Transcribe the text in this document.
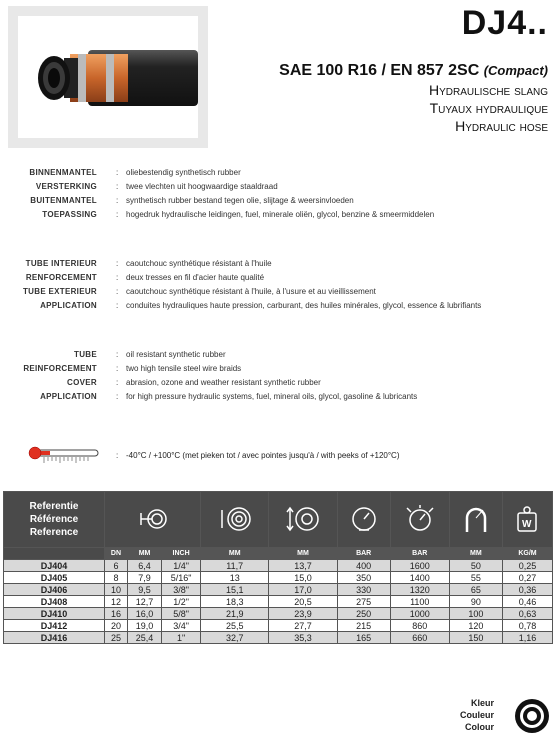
DJ4..
SAE 100 R16 / EN 857 2SC (Compact)
Hydraulische slang
Tuyaux hydraulique
Hydraulic hose
BINNENMANTEL : oliebestendig synthetisch rubber
VERSTERKING : twee vlechten uit hoogwaardige staaldraad
BUITENMANTEL : synthetisch rubber bestand tegen olie, slijtage & weersinvloeden
TOEPASSING : hogedruk hydraulische leidingen, fuel, minerale oliën, glycol, benzine & smeermiddelen
TUBE INTERIEUR : caoutchouc synthétique résistant à l'huile
RENFORCEMENT : deux tresses en fil d'acier haute qualité
TUBE EXTERIEUR : caoutchouc synthétique résistant à l'huile, à l'usure et au vieillissement
APPLICATION : conduites hydrauliques haute pression, carburant, des huiles minérales, glycol, essence & lubrifiants
TUBE : oil resistant synthetic rubber
REINFORCEMENT : two high tensile steel wire braids
COVER : abrasion, ozone and weather resistant synthetic rubber
APPLICATION : for high pressure hydraulic systems, fuel, mineral oils, glycol, gasoline & lubricants
: -40°C / +100°C (met pieken tot / avec pointes jusqu'à / with peeks of +120°C)
Referentie
Référence
Reference									W

	DN	MM	INCH	MM	MM	BAR	BAR	MM	KG/M
DJ404	6	6,4	1/4"	11,7	13,7	400	1600	50	0,25
DJ405	8	7,9	5/16"	13	15,0	350	1400	55	0,27
DJ406	10	9,5	3/8"	15,1	17,0	330	1320	65	0,36
DJ408	12	12,7	1/2"	18,3	20,5	275	1100	90	0,46
DJ410	16	16,0	5/8"	21,9	23,9	250	1000	100	0,63
DJ412	20	19,0	3/4"	25,5	27,7	215	860	120	0,78
DJ416	25	25,4	1"	32,7	35,3	165	660	150	1,16
Kleur
Couleur
Colour
